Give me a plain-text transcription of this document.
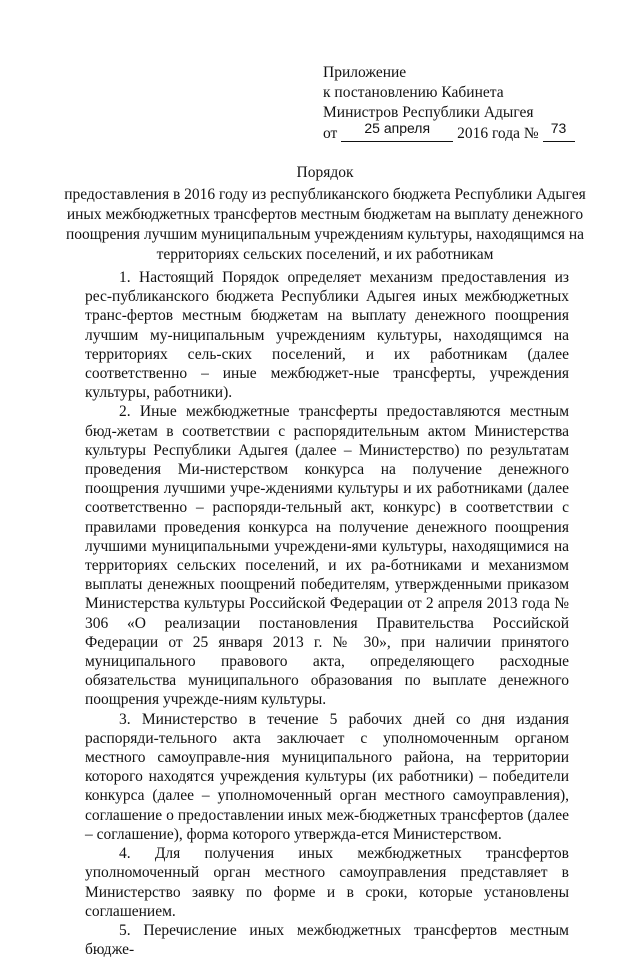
Приложение
к постановлению Кабинета
Министров Республики Адыгея
от 25 апреля 2016 года № 73
Порядок
предоставления в 2016 году из республиканского бюджета Республики Адыгея иных межбюджетных трансфертов местным бюджетам на выплату денежного поощрения лучшим муниципальным учреждениям культуры, находящимся на территориях сельских поселений, и их работникам

1. Настоящий Порядок определяет механизм предоставления из рес-публиканского бюджета Республики Адыгея иных межбюджетных транс-фертов местным бюджетам на выплату денежного поощрения лучшим му-ниципальным учреждениям культуры, находящимся на территориях сель-ских поселений, и их работникам (далее соответственно – иные межбюджет-ные трансферты, учреждения культуры, работники).

2. Иные межбюджетные трансферты предоставляются местным бюд-жетам в соответствии с распорядительным актом Министерства культуры Республики Адыгея (далее – Министерство) по результатам проведения Ми-нистерством конкурса на получение денежного поощрения лучшими учре-ждениями культуры и их работниками (далее соответственно – распоряди-тельный акт, конкурс) в соответствии с правилами проведения конкурса на получение денежного поощрения лучшими муниципальными учреждени-ями культуры, находящимися на территориях сельских поселений, и их ра-ботниками и механизмом выплаты денежных поощрений победителям, утвержденными приказом Министерства культуры Российской Федерации от 2 апреля 2013 года № 306 «О реализации постановления Правительства Российской Федерации от 25 января 2013 г. № 30», при наличии принятого муниципального правового акта, определяющего расходные обязательства муниципального образования по выплате денежного поощрения учрежде-ниям культуры.

3. Министерство в течение 5 рабочих дней со дня издания распоряди-тельного акта заключает с уполномоченным органом местного самоуправле-ния муниципального района, на территории которого находятся учреждения культуры (их работники) – победители конкурса (далее – уполномоченный орган местного самоуправления), соглашение о предоставлении иных меж-бюджетных трансфертов (далее – соглашение), форма которого утвержда-ется Министерством.

4. Для получения иных межбюджетных трансфертов уполномоченный орган местного самоуправления представляет в Министерство заявку по форме и в сроки, которые установлены соглашением.

5. Перечисление иных межбюджетных трансфертов местным бюдже-
